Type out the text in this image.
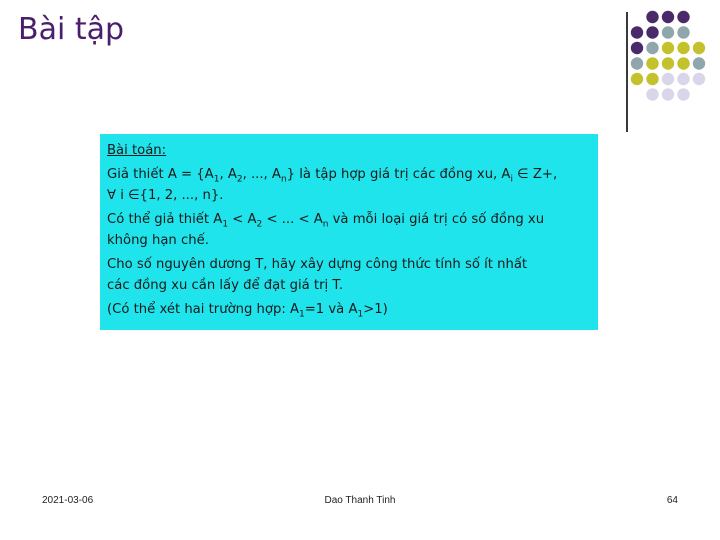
Bài tập

Bài toán:

Giả thiết $A = \{A_1$, $A_2$, ..., $A_n$} là tập hợp giá trị các đồng xu, $A_i$ ∈ Z+,

∀ i ∈{1, 2, ..., n}.

Có thể giả thiết $A_1 < A_2$ < ... < $A_n$ và mỗi loại giá trị có số đồng xu

không hạn chế.

Cho số nguyên dương T, hãy xây dựng công thức tính số ít nhất

các đồng xu cần lấy để đạt giá trị T.

(Có thể xét hai trường hợp: $A_1=1$ và $A_1>1$)

2021-03-06	Dao Thanh Tinh	64
